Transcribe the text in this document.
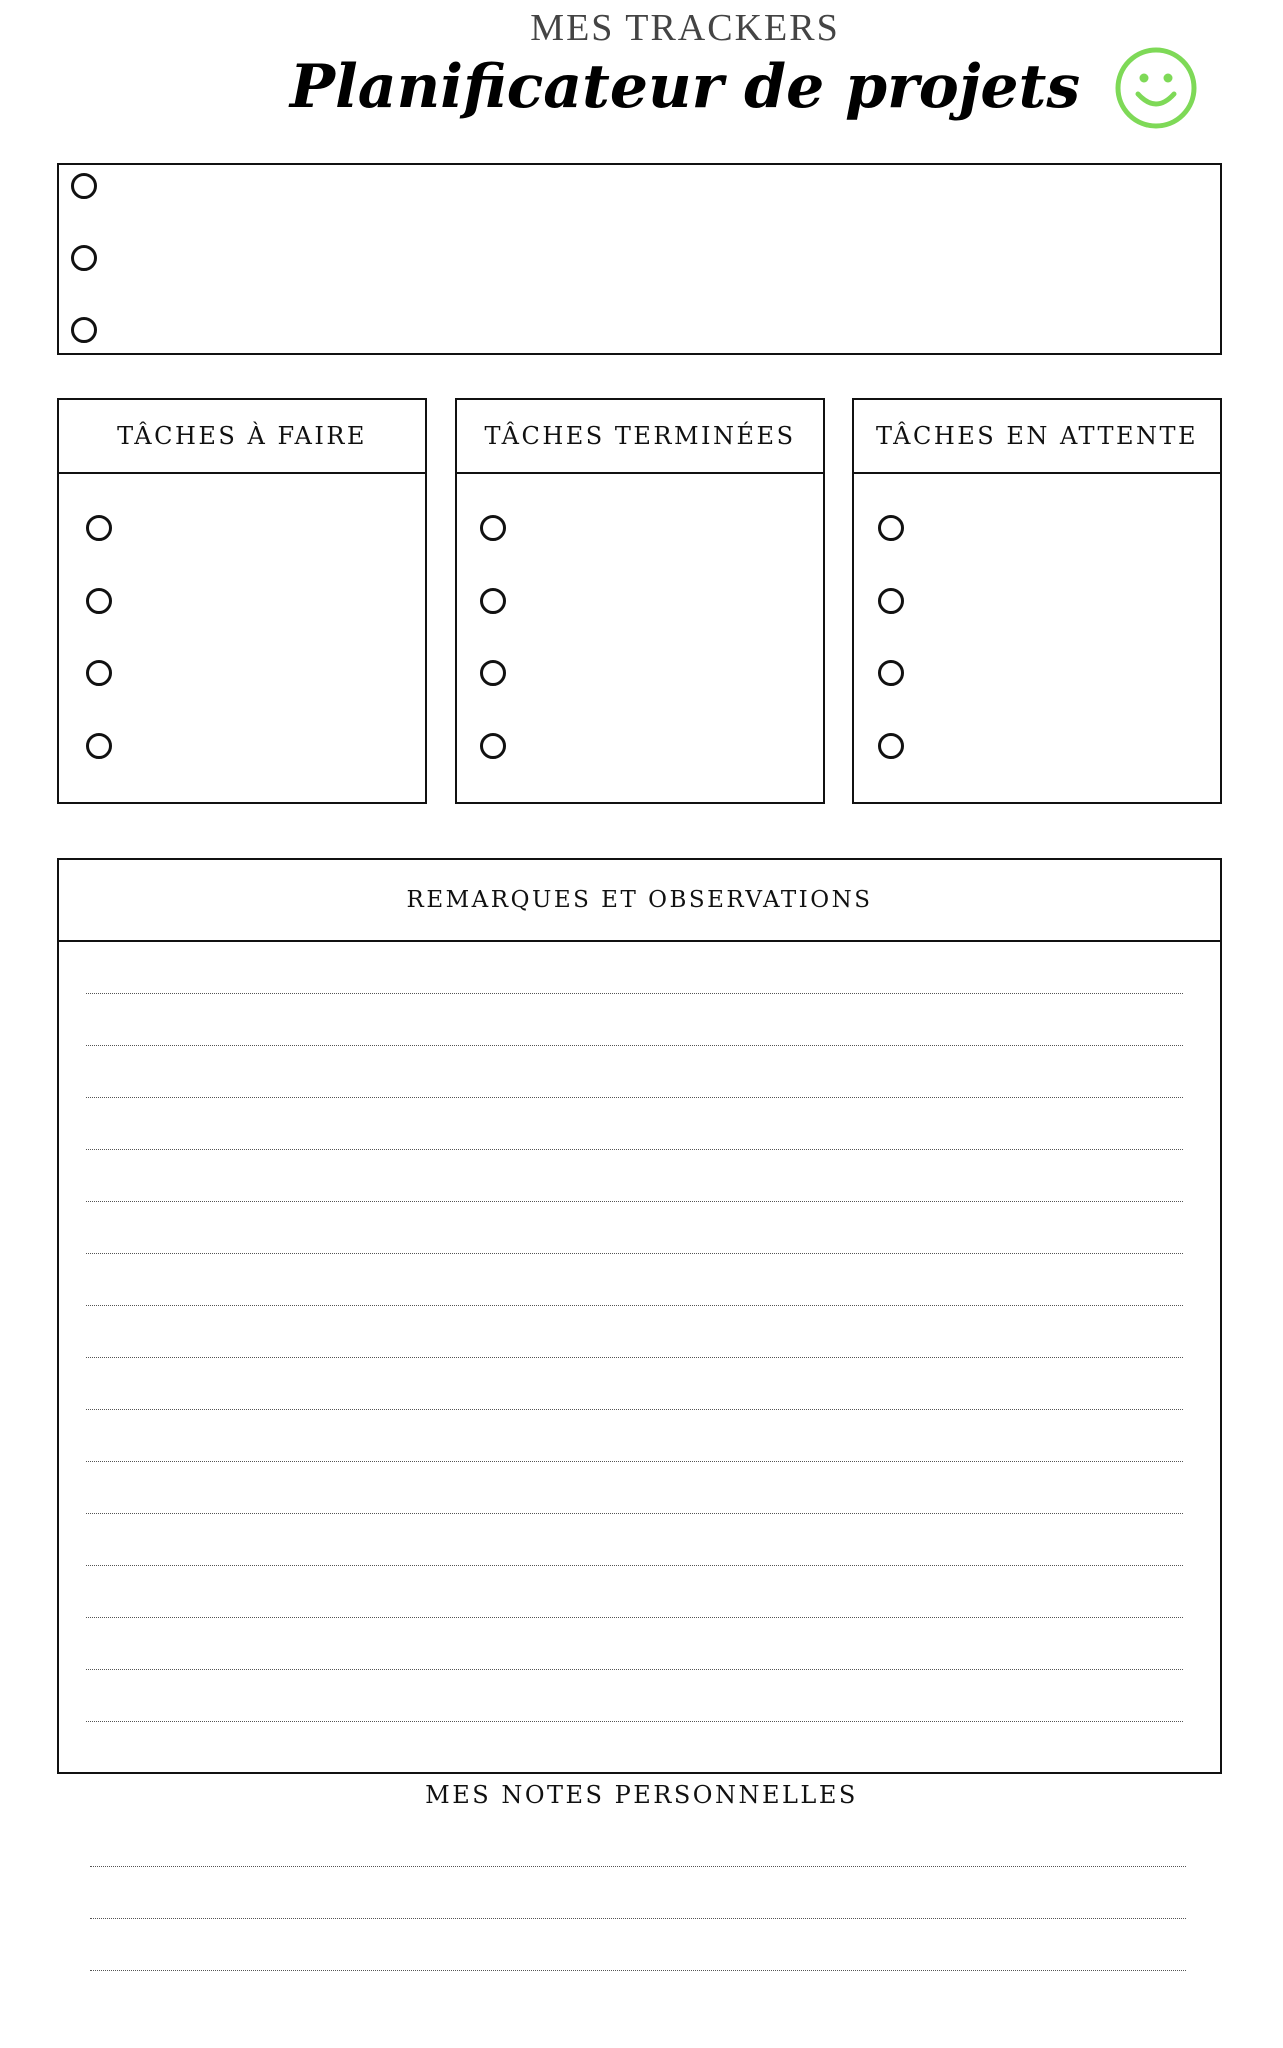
MES TRACKERS
Planificateur de projets
TÂCHES À FAIRE	TÂCHES TERMINÉES	TÂCHES EN ATTENTE
REMARQUES ET OBSERVATIONS
MES NOTES PERSONNELLES
